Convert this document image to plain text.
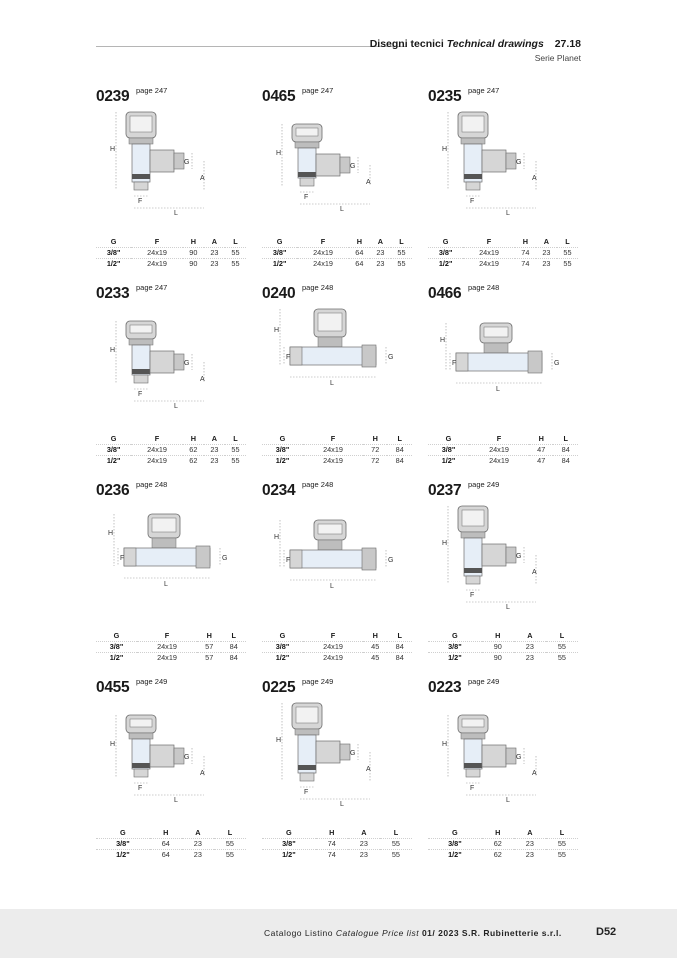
Disegni tecnici Technical drawings 27.18
Serie Planet
0239 page 247
H
G
A
F
L
G	F	H	A	L
3/8"	24x19	90	23	55
1/2"	24x19	90	23	55
0465 page 247
H
G
A
F
L
G	F	H	A	L
3/8"	24x19	64	23	55
1/2"	24x19	64	23	55
0235 page 247
H
G
A
F
L
G	F	H	A	L
3/8"	24x19	74	23	55
1/2"	24x19	74	23	55
0233 page 247
H
G
A
F
L
G	F	H	A	L
3/8"	24x19	62	23	55
1/2"	24x19	62	23	55
0240 page 248
H
F	G
L
G	F	H	L
3/8"	24x19	72	84
1/2"	24x19	72	84
0466 page 248
H
F	G
L
G	F	H	L
3/8"	24x19	47	84
1/2"	24x19	47	84
0236 page 248
H
F	G
L
G	F	H	L
3/8"	24x19	57	84
1/2"	24x19	57	84
0234 page 248
H
F	G
L
G	F	H	L
3/8"	24x19	45	84
1/2"	24x19	45	84
0237 page 249
H
G
A
F
L
G	H	A	L
3/8"	90	23	55
1/2"	90	23	55
0455 page 249
H
G
A
F
L
G	H	A	L
3/8"	64	23	55
1/2"	64	23	55
0225 page 249
H
G
A
F
L
G	H	A	L
3/8"	74	23	55
1/2"	74	23	55
0223 page 249
H
G
A
F
L
G	H	A	L
3/8"	62	23	55
1/2"	62	23	55
Catalogo Listino Catalogue Price list 01/ 2023 S.R. Rubinetterie s.r.l.	D52
